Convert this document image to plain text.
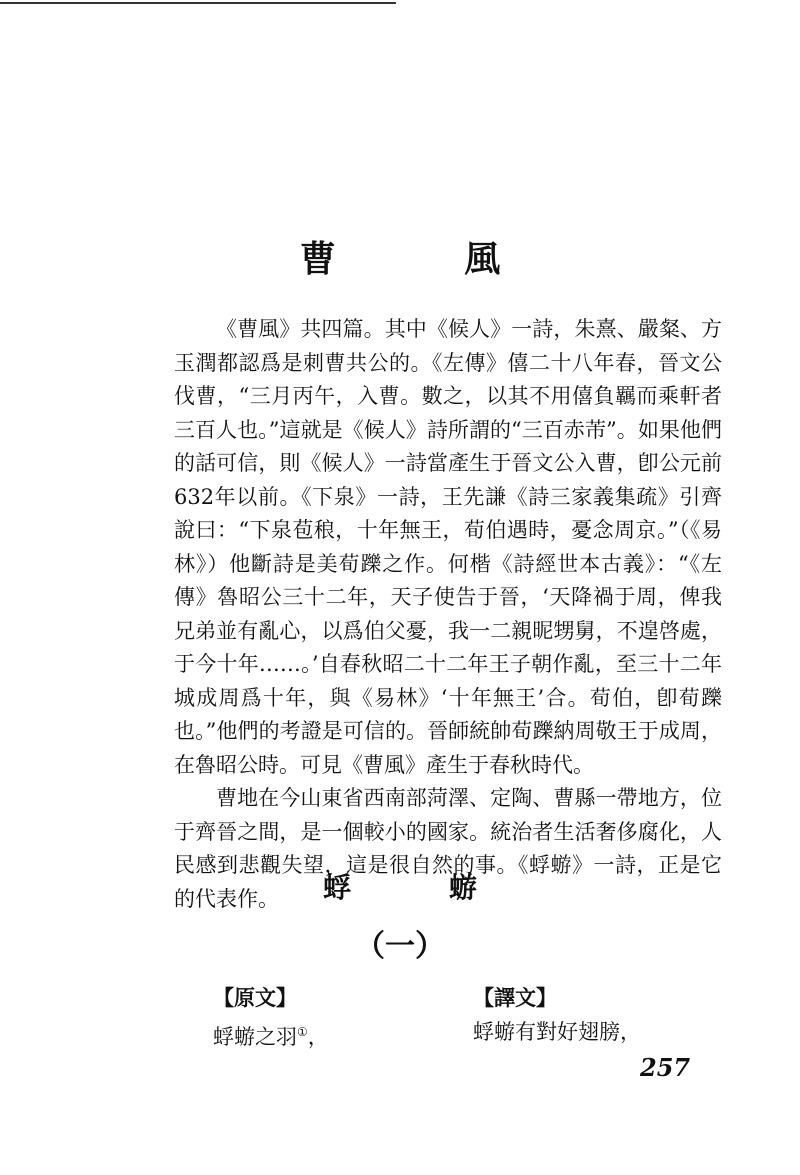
曹 風

《曹風》共四篇。其中《候人》一詩，朱熹、嚴粲、方玉潤都認爲是刺曹共公的。《左傳》僖二十八年春，晉文公伐曹，“三月丙午，入曹。數之，以其不用僖負羈而乘軒者三百人也。”這就是《候人》詩所謂的“三百赤芾”。如果他們的話可信，則《候人》一詩當產生于晉文公入曹，卽公元前632年以前。《下泉》一詩，王先謙《詩三家義集疏》引齊說曰：“下泉苞稂，十年無王，荀伯遇時，憂念周京。”（《易林》）他斷詩是美荀躒之作。何楷《詩經世本古義》：“《左傳》魯昭公三十二年，天子使告于晉，‘天降禍于周，俾我兄弟並有亂心，以爲伯父憂，我一二親昵甥舅，不遑啓處，于今十年……。’自春秋昭二十二年王子朝作亂，至三十二年城成周爲十年，與《易林》‘十年無王’合。荀伯，卽荀躒也。”他們的考證是可信的。晉師統帥荀躒納周敬王于成周，在魯昭公時。可見《曹風》產生于春秋時代。

曹地在今山東省西南部菏澤、定陶、曹縣一帶地方，位于齊晉之間，是一個較小的國家。統治者生活奢侈腐化，人民感到悲觀失望，這是很自然的事。《蜉蝣》一詩，正是它的代表作。	蜉 蝣
（一）
【原文】	【譯文】
蜉蝣之羽①，	蜉蝣有對好翅膀，
257
